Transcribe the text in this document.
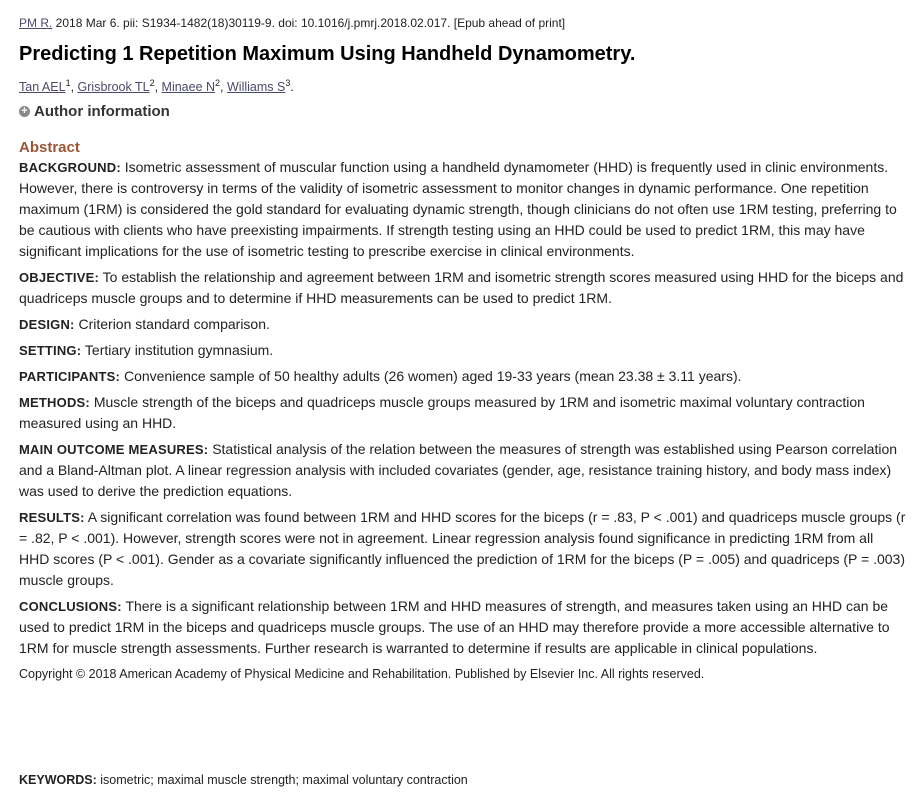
PM R. 2018 Mar 6. pii: S1934-1482(18)30119-9. doi: 10.1016/j.pmrj.2018.02.017. [Epub ahead of print]
Predicting 1 Repetition Maximum Using Handheld Dynamometry.
Tan AEL$^1$, Grisbrook $TL^2$, Minaee $N^2$, Williams $S^3$.
+ Author information
Abstract

BACKGROUND: Isometric assessment of muscular function using a handheld dynamometer (HHD) is frequently used in clinic environments. However, there is controversy in terms of the validity of isometric assessment to monitor changes in dynamic performance. One repetition maximum (1RM) is considered the gold standard for evaluating dynamic strength, though clinicians do not often use 1RM testing, preferring to be cautious with clients who have preexisting impairments. If strength testing using an HHD could be used to predict 1RM, this may have significant implications for the use of isometric testing to prescribe exercise in clinical environments.

OBJECTIVE: To establish the relationship and agreement between 1RM and isometric strength scores measured using HHD for the biceps and quadriceps muscle groups and to determine if HHD measurements can be used to predict 1RM.

DESIGN: Criterion standard comparison.

SETTING: Tertiary institution gymnasium.

PARTICIPANTS: Convenience sample of 50 healthy adults (26 women) aged 19-33 years (mean 23.38 ± 3.11 years).

METHODS: Muscle strength of the biceps and quadriceps muscle groups measured by 1RM and isometric maximal voluntary contraction measured using an HHD.

MAIN OUTCOME MEASURES: Statistical analysis of the relation between the measures of strength was established using Pearson correlation and a Bland-Altman plot. A linear regression analysis with included covariates (gender, age, resistance training history, and body mass index) was used to derive the prediction equations.

RESULTS: A significant correlation was found between 1RM and HHD scores for the biceps (r = .83, P < .001) and quadriceps muscle groups (r = .82, P < .001). However, strength scores were not in agreement. Linear regression analysis found significance in predicting 1RM from all HHD scores (P < .001). Gender as a covariate significantly influenced the prediction of 1RM for the biceps (P = .005) and quadriceps (P = .003) muscle groups.

CONCLUSIONS: There is a significant relationship between 1RM and HHD measures of strength, and measures taken using an HHD can be used to predict 1RM in the biceps and quadriceps muscle groups. The use of an HHD may therefore provide a more accessible alternative to 1RM for muscle strength assessments. Further research is warranted to determine if results are applicable in clinical populations.

Copyright © 2018 American Academy of Physical Medicine and Rehabilitation. Published by Elsevier Inc. All rights reserved.

KEYWORDS: isometric; maximal muscle strength; maximal voluntary contraction
